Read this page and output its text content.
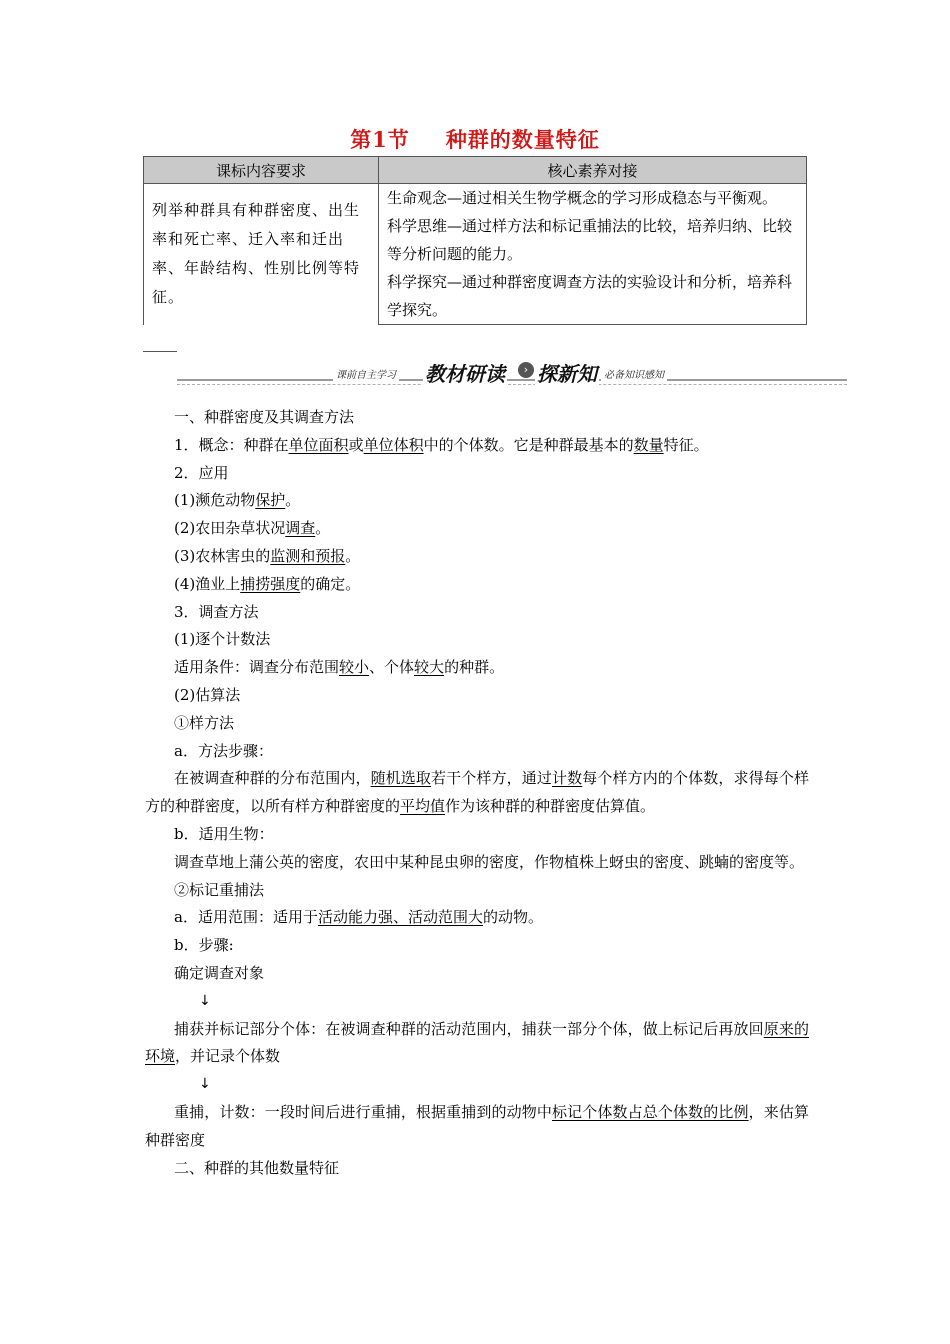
第1节 种群的数量特征
课标内容要求	核心素养对接
列举种群具有种群密度、出生率和死亡率、迁入率和迁出率、年龄结构、性别比例等特征。	生命观念—通过相关生物学概念的学习形成稳态与平衡观。
科学思维—通过样方法和标记重捕法的比较，培养归纳、比较等分析问题的能力。
科学探究—通过种群密度调查方法的实验设计和分析，培养科学探究。
课前自主学习 教材研读	› 探新知 必备知识感知

一、种群密度及其调查方法

1．概念：种群在单位面积或单位体积中的个体数。它是种群最基本的数量特征。

2．应用

(1)濒危动物保护。

(2)农田杂草状况调查。

(3)农林害虫的监测和预报。

(4)渔业上捕捞强度的确定。

3．调查方法

(1)逐个计数法

适用条件：调查分布范围较小、个体较大的种群。

(2)估算法

①样方法

a．方法步骤：

在被调查种群的分布范围内，随机选取若干个样方，通过计数每个样方内的个体数，求得每个样方的种群密度，以所有样方种群密度的平均值作为该种群的种群密度估算值。

b．适用生物：

调查草地上蒲公英的密度，农田中某种昆虫卵的密度，作物植株上蚜虫的密度、跳蝻的密度等。

②标记重捕法

a．适用范围：适用于活动能力强、活动范围大的动物。

b．步骤:

确定调查对象

↓

捕获并标记部分个体：在被调查种群的活动范围内，捕获一部分个体，做上标记后再放回原来的环境，并记录个体数

↓

重捕，计数：一段时间后进行重捕，根据重捕到的动物中标记个体数占总个体数的比例，来估算种群密度

二、种群的其他数量特征
